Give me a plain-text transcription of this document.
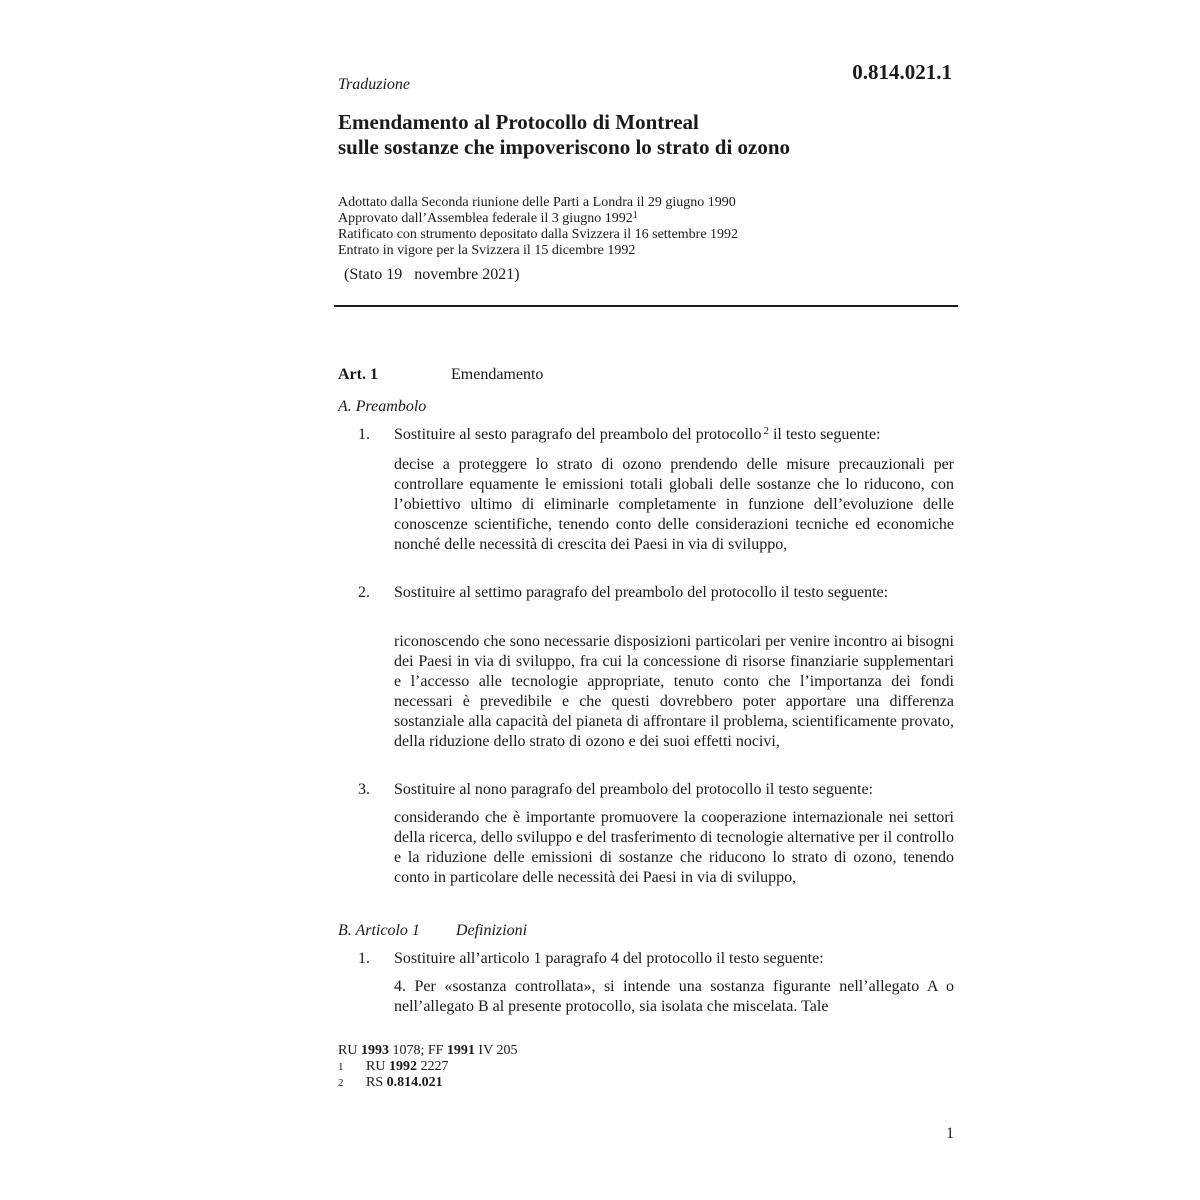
0.814.021.1
Traduzione
Emendamento al Protocollo di Montreal
sulle sostanze che impoveriscono lo strato di ozono
Adottato dalla Seconda riunione delle Parti a Londra il 29 giugno 1990
Approvato dall’Assemblea federale il 3 giugno 1992$^1$
Ratificato con strumento depositato dalla Svizzera il 16 settembre 1992
Entrato in vigore per la Svizzera il 15 dicembre 1992
(Stato 19   novembre 2021)
Art. 1	Emendamento
A. Preambolo
1. Sostituire al sesto paragrafo del preambolo del protocollo $^2$ il testo seguente:
decise a proteggere lo strato di ozono prendendo delle misure precauzionali per controllare equamente le emissioni totali globali delle sostanze che lo riducono, con l’obiettivo ultimo di eliminarle completamente in funzione dell’evoluzione delle conoscenze scientifiche, tenendo conto delle considerazioni tecniche ed economiche nonché delle necessità di crescita dei Paesi in via di sviluppo,
2. Sostituire al settimo paragrafo del preambolo del protocollo il testo seguente:
riconoscendo che sono necessarie disposizioni particolari per venire incontro ai bisogni dei Paesi in via di sviluppo, fra cui la concessione di risorse finanziarie supplementari e l’accesso alle tecnologie appropriate, tenuto conto che l’importanza dei fondi necessari è prevedibile e che questi dovrebbero poter apportare una differenza sostanziale alla capacità del pianeta di affrontare il problema, scientificamente provato, della riduzione dello strato di ozono e dei suoi effetti nocivi,
3. Sostituire al nono paragrafo del preambolo del protocollo il testo seguente:
considerando che è importante promuovere la cooperazione internazionale nei settori della ricerca, dello sviluppo e del trasferimento di tecnologie alternative per il controllo e la riduzione delle emissioni di sostanze che riducono lo strato di ozono, tenendo conto in particolare delle necessità dei Paesi in via di sviluppo,
B. Articolo 1 Definizioni
1. Sostituire all’articolo 1 paragrafo 4 del protocollo il testo seguente:
4. Per «sostanza controllata», si intende una sostanza figurante nell’allegato A o nell’allegato B al presente protocollo, sia isolata che miscelata. Tale
RU 1993 1078; FF 1991 IV 205
1	RU 1992 2227
2	RS 0.814.021
1
